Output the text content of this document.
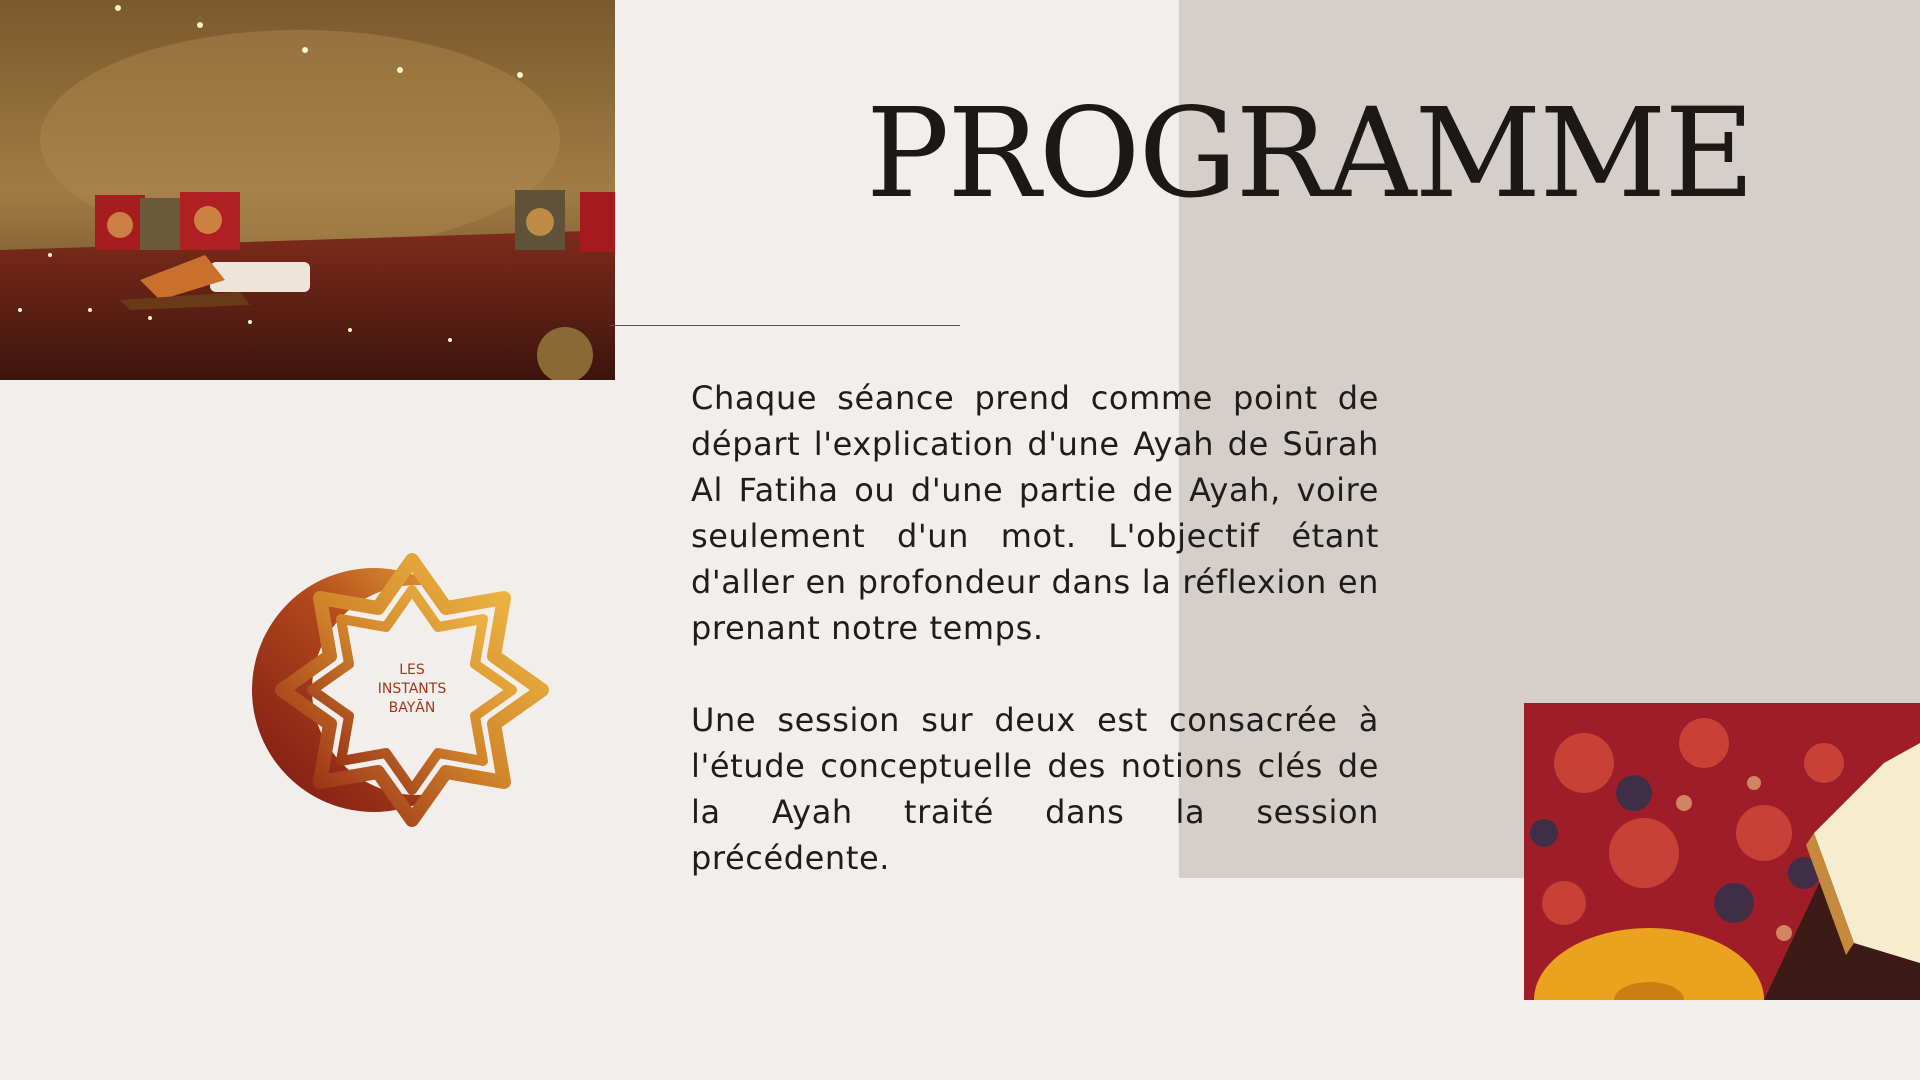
PROGRAMME

Chaque séance prend comme point de départ l'explication d'une Ayah de Sūrah Al Fatiha ou d'une partie de Ayah, voire seulement d'un mot. L'objectif étant d'aller en profondeur dans la réflexion en prenant notre temps.

Une session sur deux est consacrée à l'étude conceptuelle des notions clés de la Ayah traité dans la session précédente.

LES
INSTANTS
BAYĀN
